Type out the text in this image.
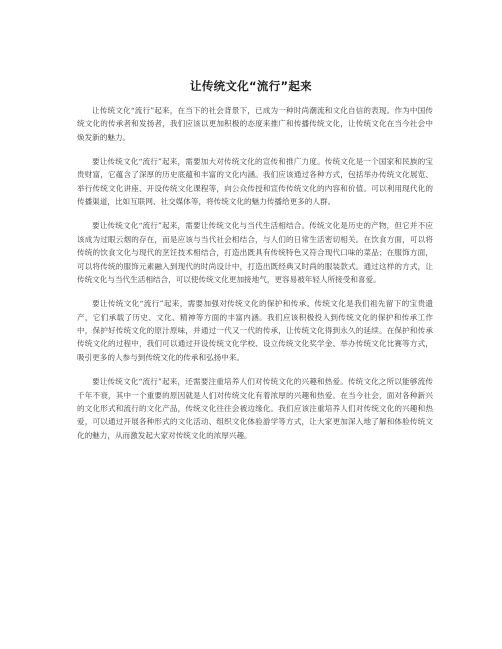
让传统文化“流行”起来

让传统文化“流行”起来，在当下的社会背景下，已成为一种时尚潮流和文化自信的表现。作为中国传统文化的传承者和发扬者，我们应该以更加积极的态度来推广和传播传统文化，让传统文化在当今社会中焕发新的魅力。

要让传统文化“流行”起来，需要加大对传统文化的宣传和推广力度。传统文化是一个国家和民族的宝贵财富，它蕴含了深厚的历史底蕴和丰富的文化内涵。我们应该通过各种方式，包括举办传统文化展览、举行传统文化讲座、开设传统文化课程等，向公众传授和宣传传统文化的内容和价值。可以利用现代化的传播渠道，比如互联网、社交媒体等，将传统文化的魅力传播给更多的人群。

要让传统文化“流行”起来，需要让传统文化与当代生活相结合。传统文化是历史的产物，但它并不应该成为过眼云烟的存在，而是应该与当代社会相结合，与人们的日常生活密切相关。在饮食方面，可以将传统的饮食文化与现代的烹饪技术相结合，打造出既具有传统特色又符合现代口味的菜品；在服饰方面，可以将传统的服饰元素融入到现代的时尚设计中，打造出既经典又时尚的服装款式。通过这样的方式，让传统文化与当代生活相结合，可以使传统文化更加接地气，更容易被年轻人所接受和喜爱。

要让传统文化“流行”起来，需要加强对传统文化的保护和传承。传统文化是我们祖先留下的宝贵遗产，它们承载了历史、文化、精神等方面的丰富内涵。我们应该积极投入到传统文化的保护和传承工作中，保护好传统文化的原汁原味，并通过一代又一代的传承，让传统文化得到永久的延续。在保护和传承传统文化的过程中，我们可以通过开设传统文化学校、设立传统文化奖学金、举办传统文化比赛等方式，吸引更多的人参与到传统文化的传承和弘扬中来。

要让传统文化“流行”起来，还需要注重培养人们对传统文化的兴趣和热爱。传统文化之所以能够流传千年不衰，其中一个重要的原因就是人们对传统文化有着浓厚的兴趣和热爱。在当今社会，面对各种新兴的文化形式和流行的文化产品，传统文化往往会被边缘化。我们应该注重培养人们对传统文化的兴趣和热爱，可以通过开展各种形式的文化活动、组织文化体验游学等方式，让大家更加深入地了解和体验传统文化的魅力，从而激发起大家对传统文化的浓厚兴趣。
